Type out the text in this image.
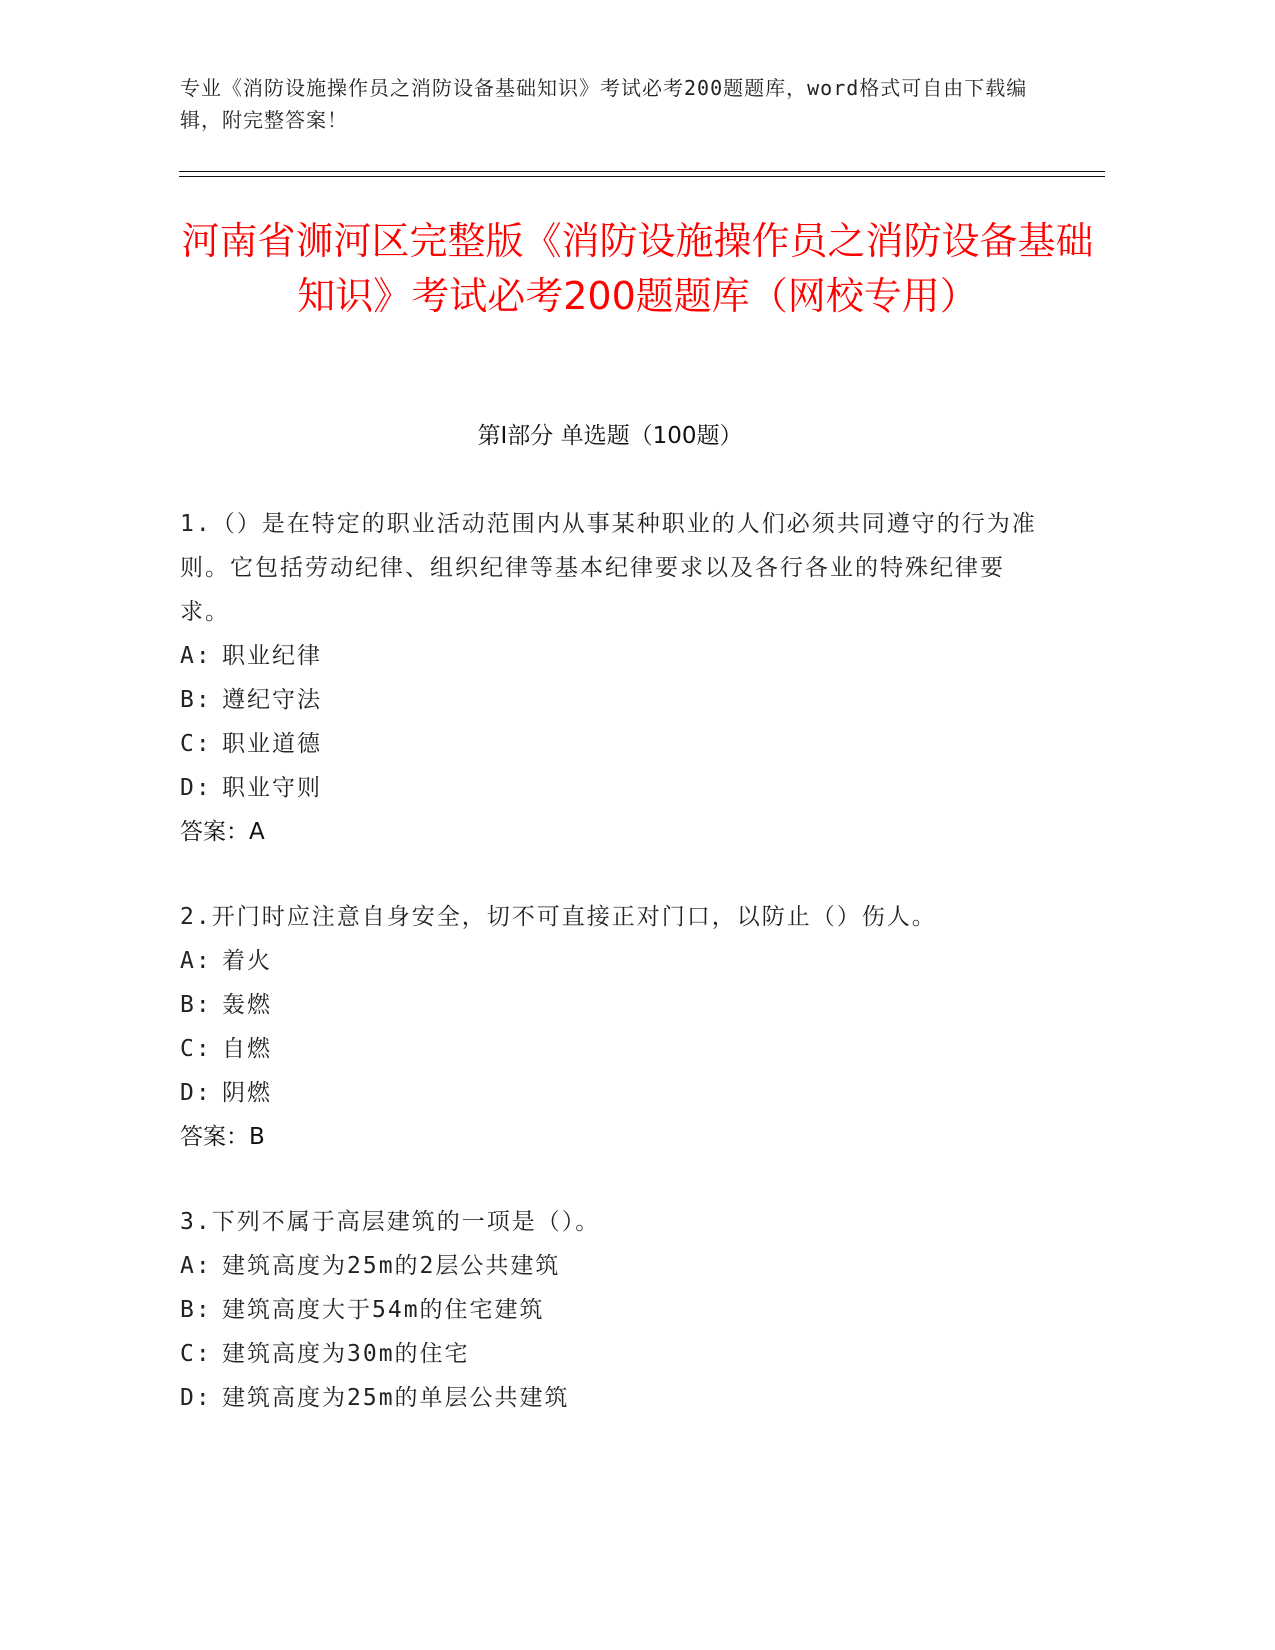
专业《消防设施操作员之消防设备基础知识》考试必考200题题库，word格式可自由下载编辑，附完整答案！
河南省浉河区完整版《消防设施操作员之消防设备基础知识》考试必考200题题库（网校专用）
第Ⅰ部分 单选题（100题）

1.（）是在特定的职业活动范围内从事某种职业的人们必须共同遵守的行为准则。它包括劳动纪律、组织纪律等基本纪律要求以及各行各业的特殊纪律要求。

A: 职业纪律
B: 遵纪守法
C: 职业道德
D: 职业守则
答案：A

2.开门时应注意自身安全，切不可直接正对门口，以防止（）伤人。

A: 着火
B: 轰燃
C: 自燃
D: 阴燃
答案：B

3.下列不属于高层建筑的一项是（）。

A: 建筑高度为25m的2层公共建筑
B: 建筑高度大于54m的住宅建筑
C: 建筑高度为30m的住宅
D: 建筑高度为25m的单层公共建筑
